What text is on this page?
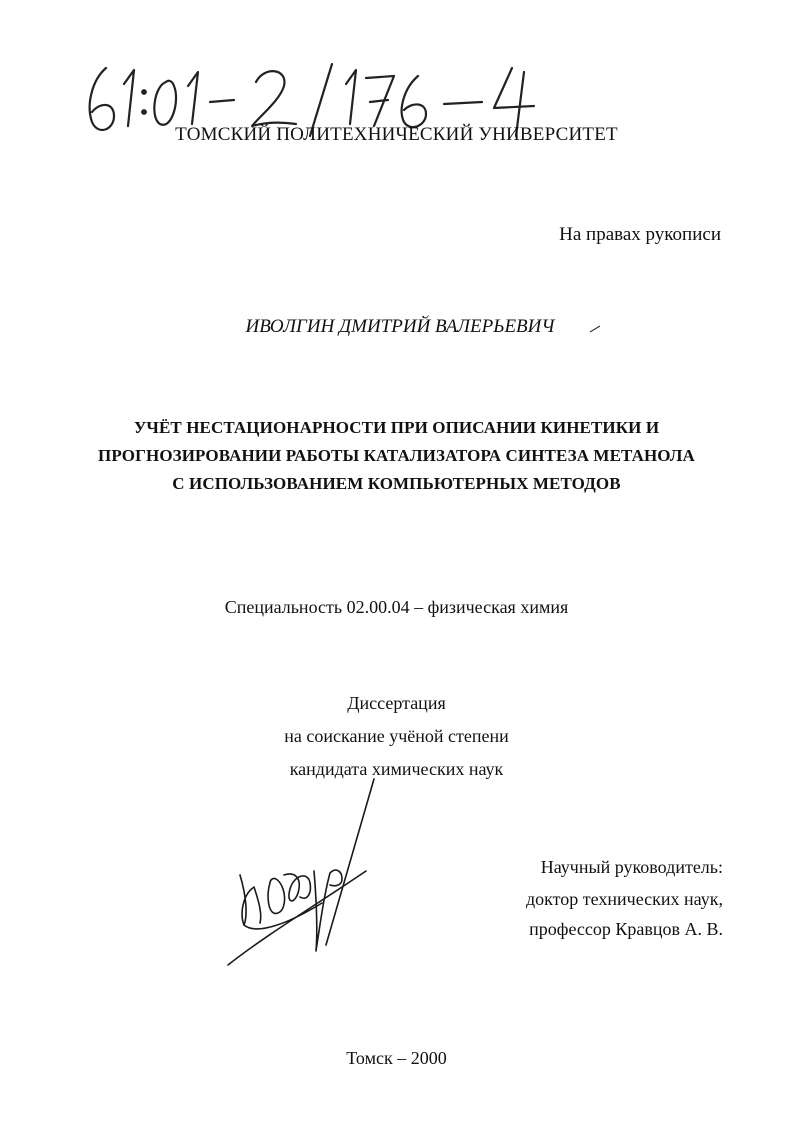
ТОМСКИЙ ПОЛИТЕХНИЧЕСКИЙ УНИВЕРСИТЕТ
На правах рукописи
ИВОЛГИН ДМИТРИЙ ВАЛЕРЬЕВИЧ
УЧЁТ НЕСТАЦИОНАРНОСТИ ПРИ ОПИСАНИИ КИНЕТИКИ И
ПРОГНОЗИРОВАНИИ РАБОТЫ КАТАЛИЗАТОРА СИНТЕЗА МЕТАНОЛА
С ИСПОЛЬЗОВАНИЕМ КОМПЬЮТЕРНЫХ МЕТОДОВ
Специальность 02.00.04 – физическая химия
Диссертация
на соискание учёной степени
кандидата химических наук
Научный руководитель:
доктор технических наук,
профессор Кравцов А. В.
Томск – 2000
